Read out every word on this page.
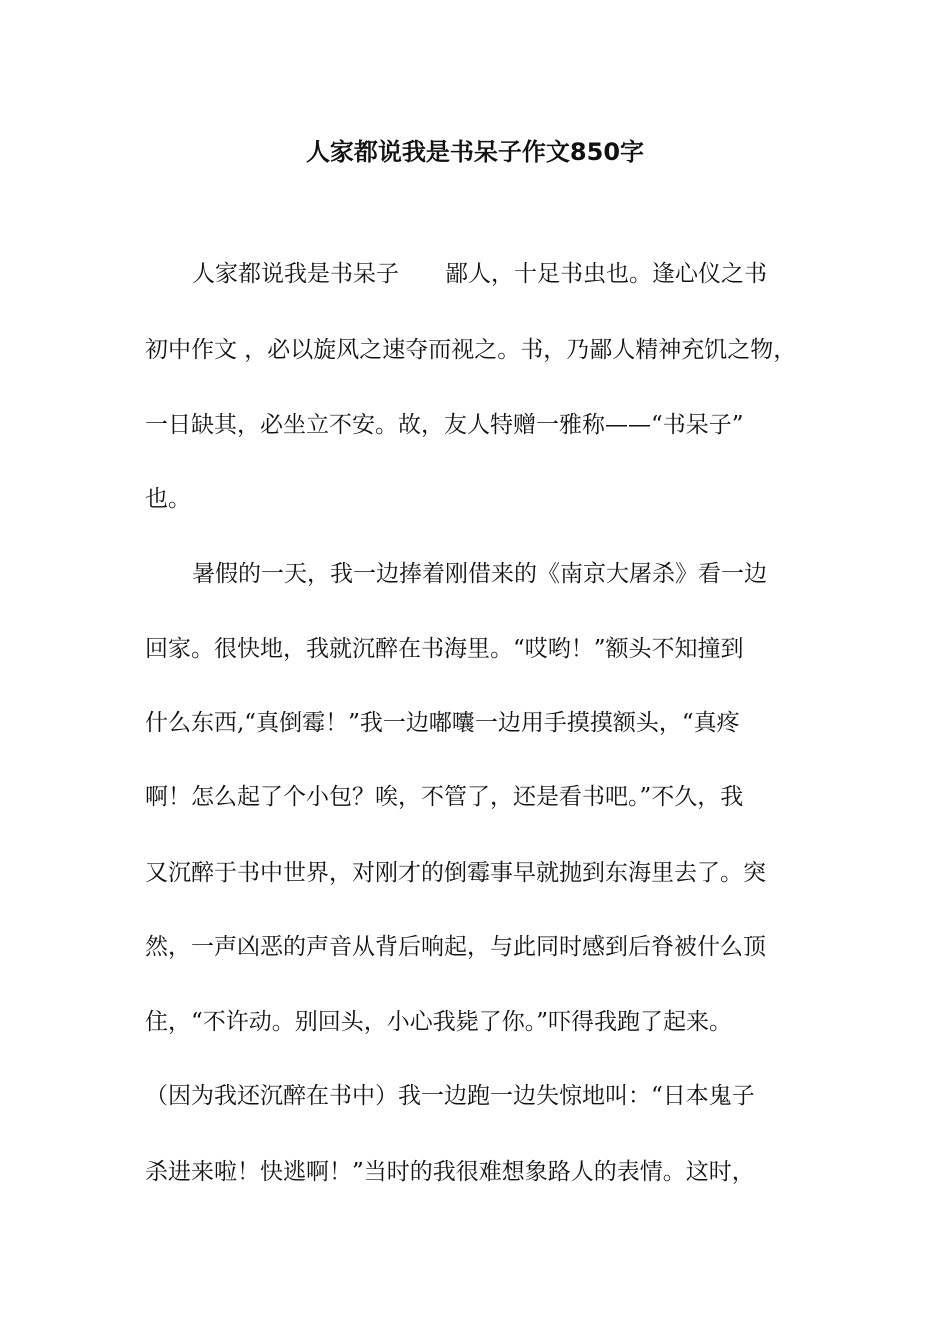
人家都说我是书呆子作文850字
人家都说我是书呆子　　鄙人，十足书虫也。逢心仪之书
初中作文 ，必以旋风之速夺而视之。书，乃鄙人精神充饥之物，
一日缺其，必坐立不安。故，友人特赠一雅称——“书呆子”
也。
暑假的一天，我一边捧着刚借来的《南京大屠杀》看一边
回家。很快地，我就沉醉在书海里。“哎哟！”额头不知撞到
什么东西,“真倒霉！”我一边嘟囔一边用手摸摸额头，“真疼
啊！怎么起了个小包？唉，不管了，还是看书吧。”不久，我
又沉醉于书中世界，对刚才的倒霉事早就抛到东海里去了。突
然，一声凶恶的声音从背后响起，与此同时感到后脊被什么顶
住，“不许动。别回头，小心我毙了你。”吓得我跑了起来。
（因为我还沉醉在书中）我一边跑一边失惊地叫：“日本鬼子
杀进来啦！快逃啊！”当时的我很难想象路人的表情。这时，
